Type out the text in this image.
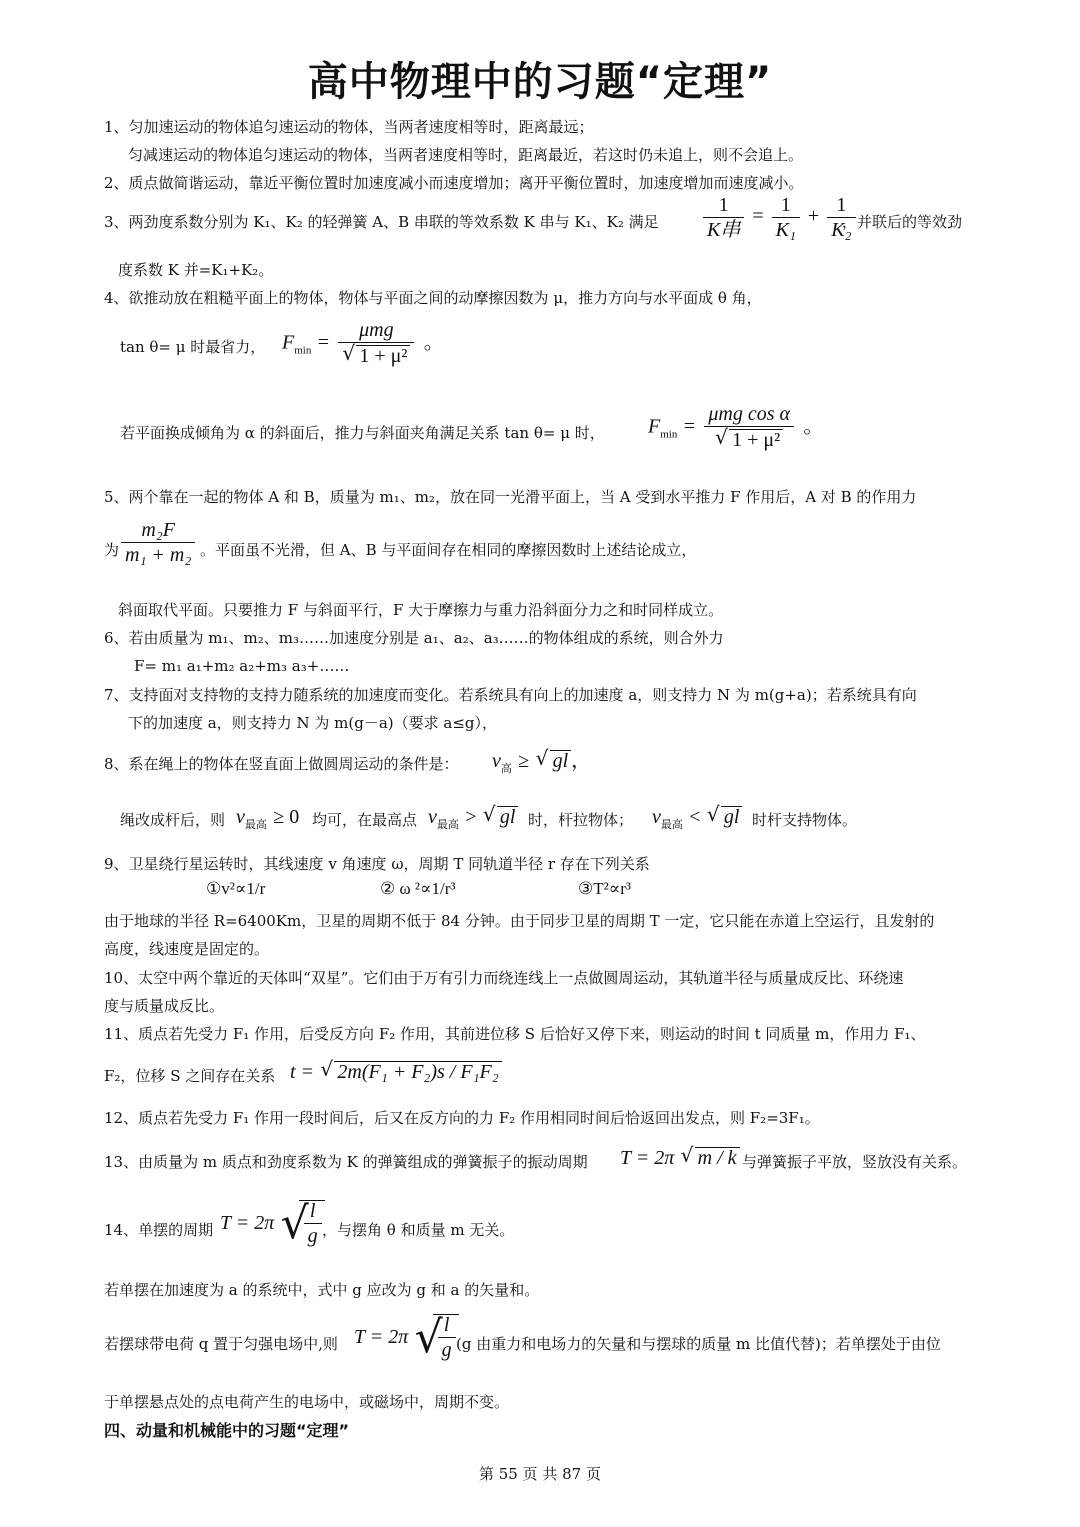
高中物理中的习题“定理”
1、匀加速运动的物体追匀速运动的物体，当两者速度相等时，距离最远；
匀减速运动的物体追匀速运动的物体，当两者速度相等时，距离最近，若这时仍未追上，则不会追上。
2、质点做简谐运动，靠近平衡位置时加速度减小而速度增加；离开平衡位置时，加速度增加而速度减小。
3、两劲度系数分别为 K₁、K₂ 的轻弹簧 A、B 串联的等效系数 K 串与 K₁、K₂ 满足 $\frac{1}{\text{K串}} = \frac{1}{\text{K₁}} + \frac{1}{\text{K₂}}$
，并联后的等效劲
度系数 K 并=K₁+K₂。
4、欲推动放在粗糙平面上的物体，物体与平面之间的动摩擦因数为 μ，推力方向与水平面成 θ 角，
tan θ= μ 时最省力， $F_{min} = \mu mg$
√ 1 + μ² 。
若平面换成倾角为 α 的斜面后，推力与斜面夹角满足关系 tan θ= μ 时， $F_{min} = \mu mg$ cos α
√ 1 + μ² 。
5、两个靠在一起的物体 A 和 B，质量为 m₁、m₂，放在同一光滑平面上，当 A 受到水平推力 F 作用后，A 对 B 的作用力
为 $\frac{\text{m₂F}}{\text{m₁ + m₂}}$ 。平面虽不光滑，但 A、B 与平面间存在相同的摩擦因数时上述结论成立，
斜面取代平面。只要推力 F 与斜面平行，F 大于摩擦力与重力沿斜面分力之和时同样成立。
6、若由质量为 m₁、m₂、m₃……加速度分别是 a₁、a₂、a₃……的物体组成的系统，则合外力
F= m₁ a₁+m₂ a₂+m₃ a₃+……
7、支持面对支持物的支持力随系统的加速度而变化。若系统具有向上的加速度 a，则支持力 N 为 m(g+a)；若系统具有向
下的加速度 a，则支持力 N 为 m(g－a)（要求 a≤g），
8、系在绳上的物体在竖直面上做圆周运动的条件是： $v_高$ ≥ √ gl ，
绳改成杆后，则 $v_{最高} \ge 0$ 均可，在最高点 $v_{最高}$ > √ gl 时，杆拉物体； $v_{最高}$ < √ gl 时杆支持物体。
9、卫星绕行星运转时，其线速度 v 角速度 ω，周期 T 同轨道半径 r 存在下列关系
①v²∝1/r	② ω ²∝1/r³	③T²∝r³
由于地球的半径 R=6400Km，卫星的周期不低于 84 分钟。由于同步卫星的周期 T 一定，它只能在赤道上空运行，且发射的
高度，线速度是固定的。
10、太空中两个靠近的天体叫“双星”。它们由于万有引力而绕连线上一点做圆周运动，其轨道半径与质量成反比、环绕速
度与质量成反比。
11、质点若先受力 F₁ 作用，后受反方向 F₂ 作用，其前进位移 S 后恰好又停下来，则运动的时间 t 同质量 m，作用力 F₁、
F₂，位移 S 之间存在关系 t = √ 2m(F₁ + F₂)s / F₁F₂
12、质点若先受力 F₁ 作用一段时间后，后又在反方向的力 F₂ 作用相同时间后恰返回出发点，则 F₂=3F₁。
13、由质量为 m 质点和劲度系数为 K 的弹簧组成的弹簧振子的振动周期 T = 2π √ m / k 与弹簧振子平放，竖放没有关系。
14、单摆的周期 T = 2π √ $\frac{l}{g}$ ，与摆角 θ 和质量 m 无关。
若单摆在加速度为 a 的系统中，式中 g 应改为 g 和 a 的矢量和。
若摆球带电荷 q 置于匀强电场中,则 T = 2π √ $\frac{l}{g} (g$ 由重力和电场力的矢量和与摆球的质量 m 比值代替)；若单摆处于由位
于单摆悬点处的点电荷产生的电场中，或磁场中，周期不变。
四、动量和机械能中的习题“定理”
第 55 页 共 87 页
